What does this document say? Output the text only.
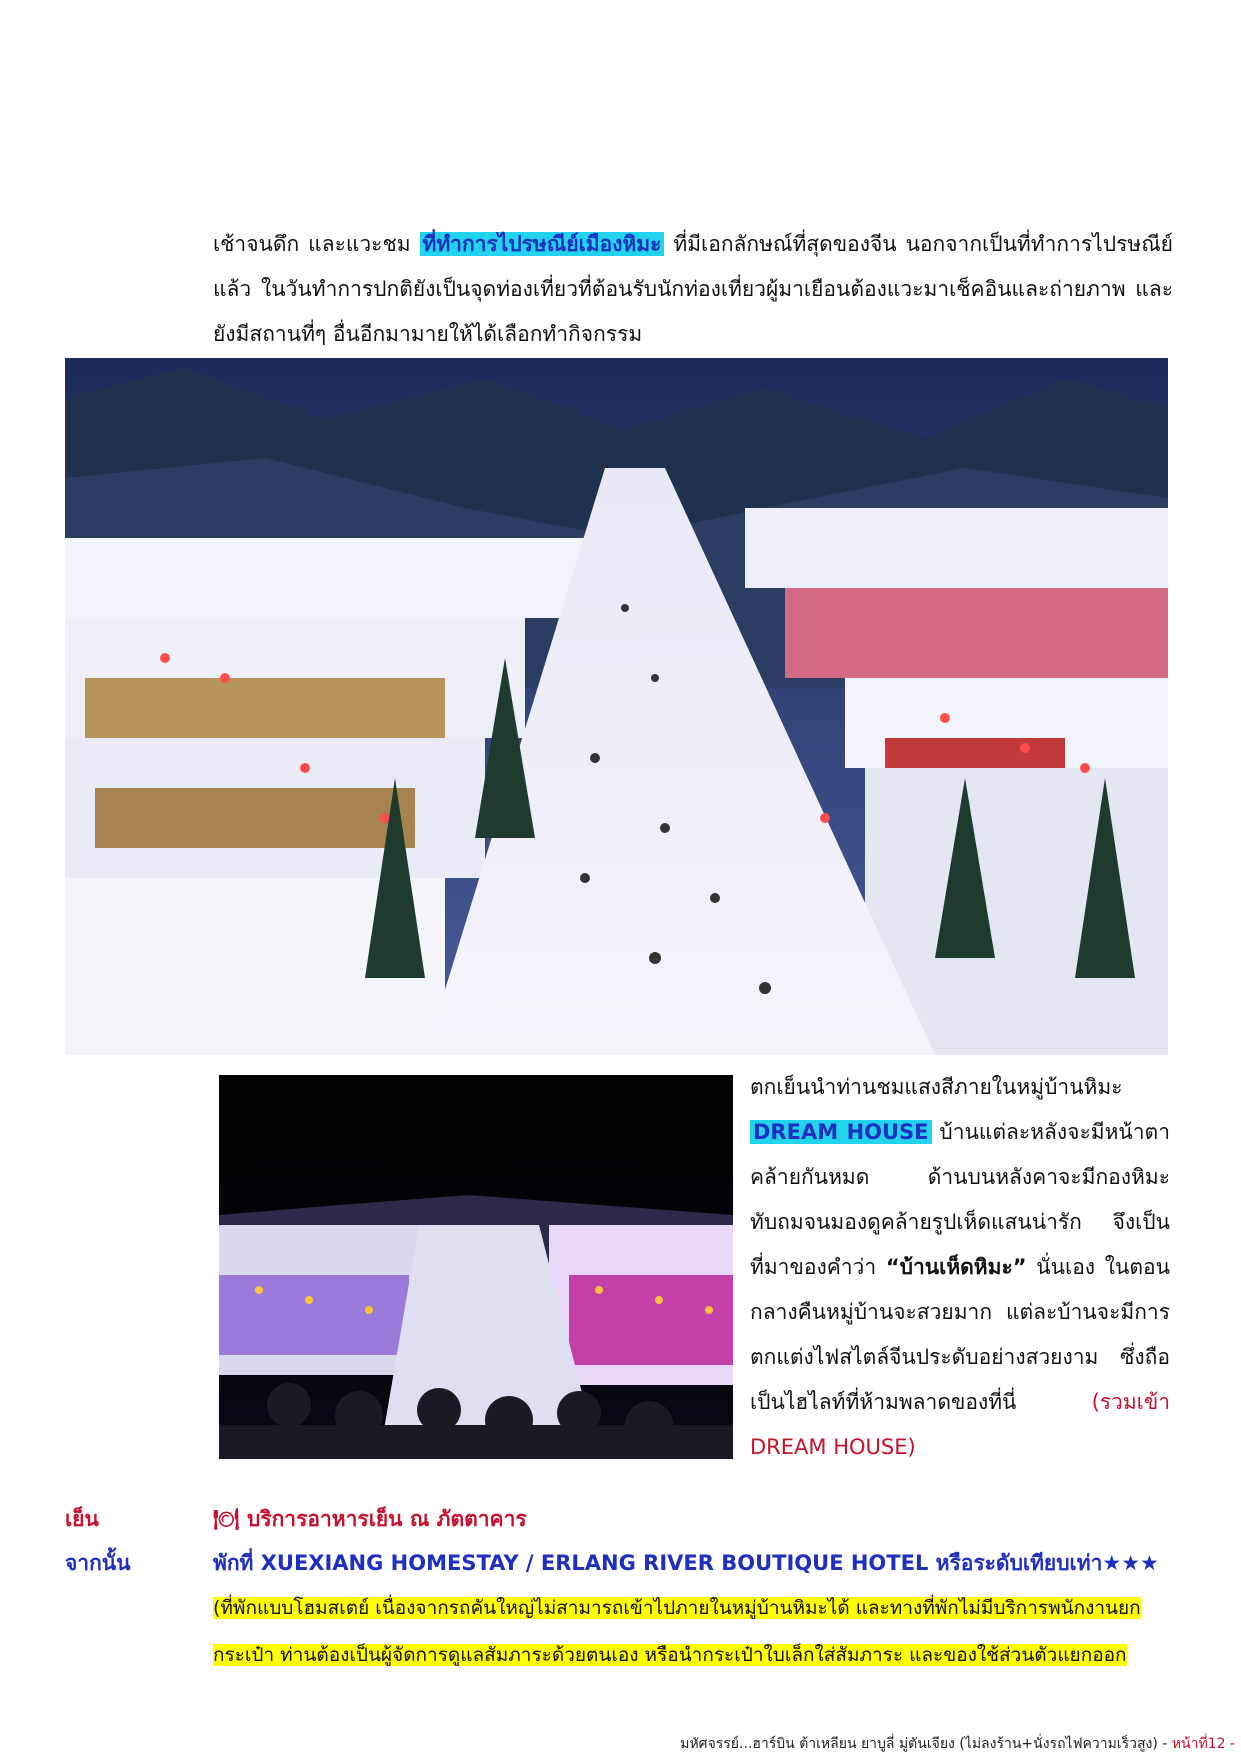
เช้าจนดึก และแวะชม ที่ทำการไปรษณีย์เมืองหิมะ ที่มีเอกลักษณ์ที่สุดของจีน นอกจากเป็นที่ทำการไปรษณีย์แล้ว ในวันทำการปกติยังเป็นจุดท่องเที่ยวที่ต้อนรับนักท่องเที่ยวผู้มาเยือนต้องแวะมาเช็คอินและถ่ายภาพ และยังมีสถานที่ๆ อื่นอีกมามายให้ได้เลือกทำกิจกรรม
ตกเย็นนำท่านชมแสงสีภายในหมู่บ้านหิมะ DREAM HOUSE บ้านแต่ละหลังจะมีหน้าตาคล้ายกันหมด ด้านบนหลังคาจะมีกองหิมะทับถมจนมองดูคล้ายรูปเห็ดแสนน่ารัก จึงเป็นที่มาของคำว่า “บ้านเห็ดหิมะ” นั่นเอง ในตอนกลางคืนหมู่บ้านจะสวยมาก แต่ละบ้านจะมีการตกแต่งไฟสไตล์จีนประดับอย่างสวยงาม ซึ่งถือเป็นไฮไลท์ที่ห้ามพลาดของที่นี่ (รวมเข้า DREAM HOUSE)
เย็น	🍽 บริการอาหารเย็น ณ ภัตตาคาร
จากนั้น	พักที่ XUEXIANG HOMESTAY / ERLANG RIVER BOUTIQUE HOTEL หรือระดับเทียบเท่า★★★
(ที่พักแบบโฮมสเตย์ เนื่องจากรถคันใหญ่ไม่สามารถเข้าไปภายในหมู่บ้านหิมะได้ และทางที่พักไม่มีบริการพนักงานยก
กระเป๋า ท่านต้องเป็นผู้จัดการดูแลสัมภาระด้วยตนเอง หรือนำกระเป๋าใบเล็กใส่สัมภาระ และของใช้ส่วนตัวแยกออก
มหัศจรรย์...ฮาร์บิน ต้าเหลียน ยาบูลี่ มู่ตันเจียง (ไม่ลงร้าน+นั่งรถไฟความเร็วสูง) - หน้าที่12 -
